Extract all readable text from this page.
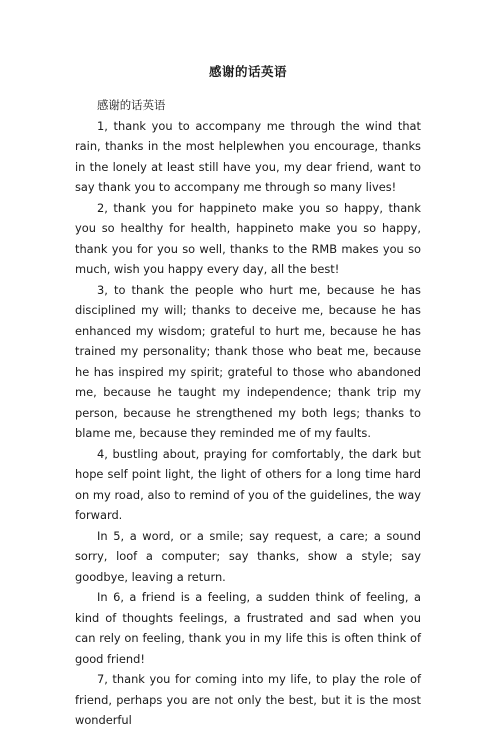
感谢的话英语

感谢的话英语

1, thank you to accompany me through the wind that rain, thanks in the most helplewhen you encourage, thanks in the lonely at least still have you, my dear friend, want to say thank you to accompany me through so many lives!

2, thank you for happineto make you so happy, thank you so healthy for health, happineto make you so happy, thank you for you so well, thanks to the RMB makes you so much, wish you happy every day, all the best!

3, to thank the people who hurt me, because he has disciplined my will; thanks to deceive me, because he has enhanced my wisdom; grateful to hurt me, because he has trained my personality; thank those who beat me, because he has inspired my spirit; grateful to those who abandoned me, because he taught my independence; thank trip my person, because he strengthened my both legs; thanks to blame me, because they reminded me of my faults.

4, bustling about, praying for comfortably, the dark but hope self point light, the light of others for a long time hard on my road, also to remind of you of the guidelines, the way forward.

In 5, a word, or a smile; say request, a care; a sound sorry, loof a computer; say thanks, show a style; say goodbye, leaving a return.

In 6, a friend is a feeling, a sudden think of feeling, a kind of thoughts feelings, a frustrated and sad when you can rely on feeling, thank you in my life this is often think of good friend!

7, thank you for coming into my life, to play the role of friend, perhaps you are not only the best, but it is the most wonderful
